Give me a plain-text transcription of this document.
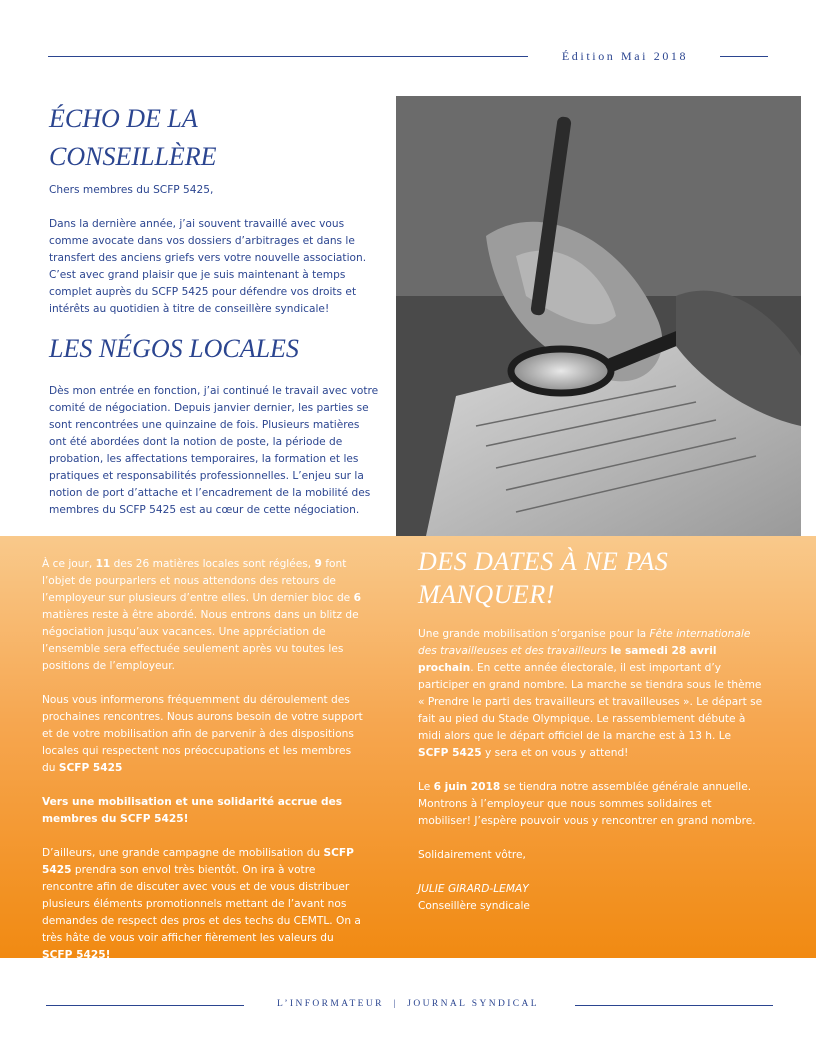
Édition Mai 2018
ÉCHO DE LA CONSEILLÈRE

Chers membres du SCFP 5425,

Dans la dernière année, j’ai souvent travaillé avec vous comme avocate dans vos dossiers d’arbitrages et dans le transfert des anciens griefs vers votre nouvelle association. C’est avec grand plaisir que je suis maintenant à temps complet auprès du SCFP 5425 pour défendre vos droits et intérêts au quotidien à titre de conseillère syndicale!

LES NÉGOS LOCALES

Dès mon entrée en fonction, j’ai continué le travail avec votre comité de négociation. Depuis janvier dernier, les parties se sont rencontrées une quinzaine de fois. Plusieurs matières ont été abordées dont la notion de poste, la période de probation, les affectations temporaires, la formation et les pratiques et responsabilités professionnelles. L’enjeu sur la notion de port d’attache et l’encadrement de la mobilité des membres du SCFP 5425 est au cœur de cette négociation.

À ce jour, 11 des 26 matières locales sont réglées, 9 font l’objet de pourparlers et nous attendons des retours de l’employeur sur plusieurs d’entre elles. Un dernier bloc de 6 matières reste à être abordé. Nous entrons dans un blitz de négociation jusqu’aux vacances. Une appréciation de l’ensemble sera effectuée seulement après vu toutes les positions de l’employeur.

Nous vous informerons fréquemment du déroulement des prochaines rencontres. Nous aurons besoin de votre support et de votre mobilisation afin de parvenir à des dispositions locales qui respectent nos préoccupations et les membres du SCFP 5425

Vers une mobilisation et une solidarité accrue des membres du SCFP 5425!

D’ailleurs, une grande campagne de mobilisation du SCFP 5425 prendra son envol très bientôt. On ira à votre rencontre afin de discuter avec vous et de vous distribuer plusieurs éléments promotionnels mettant de l’avant nos demandes de respect des pros et des techs du CEMTL. On a très hâte de vous voir afficher fièrement les valeurs du SCFP 5425!

DES DATES À NE PAS MANQUER!

Une grande mobilisation s’organise pour la Fête internationale des travailleuses et des travailleurs le samedi 28 avril prochain. En cette année électorale, il est important d’y participer en grand nombre. La marche se tiendra sous le thème « Prendre le parti des travailleurs et travailleuses ». Le départ se fait au pied du Stade Olympique. Le rassemblement débute à midi alors que le départ officiel de la marche est à 13 h. Le SCFP 5425 y sera et on vous y attend!

Le 6 juin 2018 se tiendra notre assemblée générale annuelle. Montrons à l’employeur que nous sommes solidaires et mobiliser! J’espère pouvoir vous y rencontrer en grand nombre.

Solidairement vôtre,

JULIE GIRARD-LEMAY
Conseillère syndicale
L’INFORMATEUR  |  JOURNAL SYNDICAL
